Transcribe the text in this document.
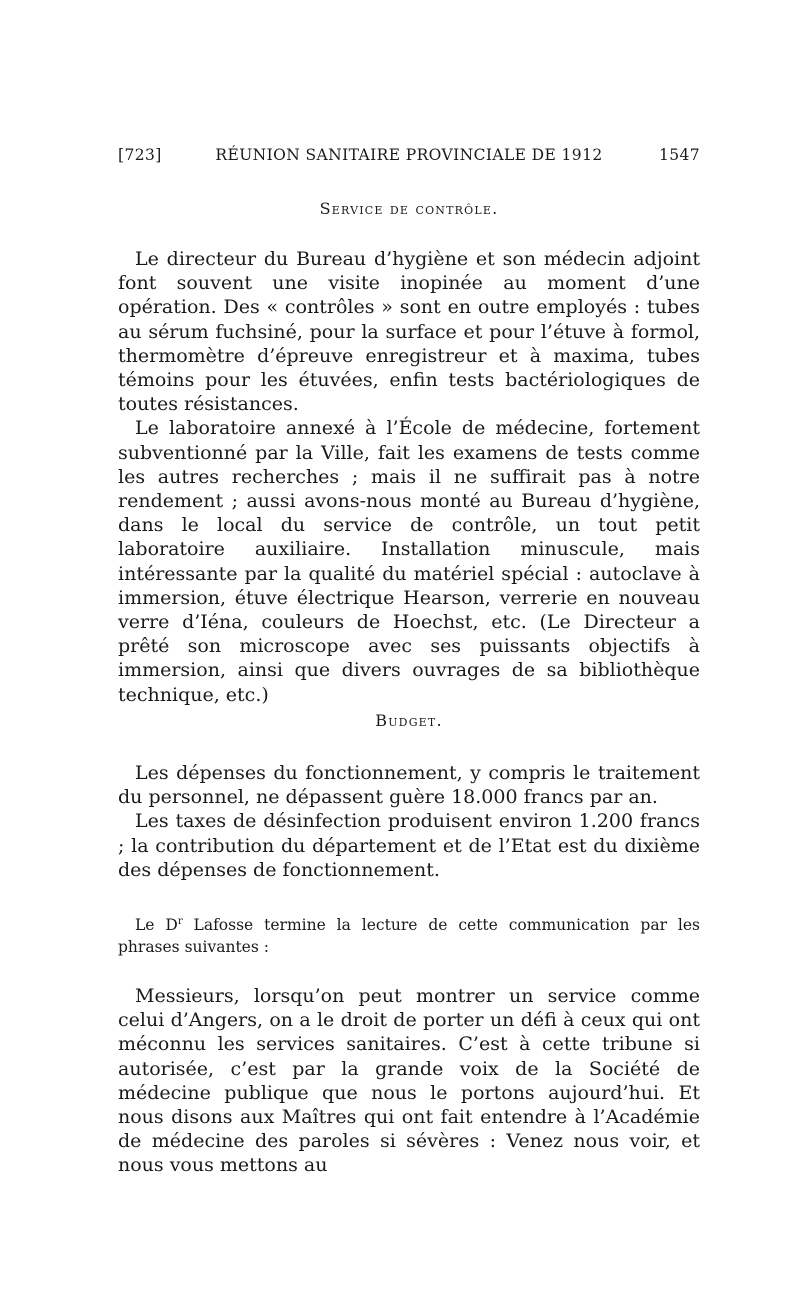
[723]	RÉUNION SANITAIRE PROVINCIALE DE 1912	1547
Service de contrôle.

Le directeur du Bureau d’hygiène et son médecin adjoint font souvent une visite inopinée au moment d’une opération. Des « contrôles » sont en outre employés : tubes au sérum fuchsiné, pour la surface et pour l’étuve à formol, thermomètre d’épreuve enregistreur et à maxima, tubes témoins pour les étuvées, enfin tests bactériologiques de toutes résistances.

Le laboratoire annexé à l’École de médecine, fortement subventionné par la Ville, fait les examens de tests comme les autres recherches ; mais il ne suffirait pas à notre rendement ; aussi avons-nous monté au Bureau d’hygiène, dans le local du service de contrôle, un tout petit laboratoire auxiliaire. Installation minuscule, mais intéressante par la qualité du matériel spécial : autoclave à immersion, étuve électrique Hearson, verrerie en nouveau verre d’Iéna, couleurs de Hoechst, etc. (Le Directeur a prêté son microscope avec ses puissants objectifs à immersion, ainsi que divers ouvrages de sa bibliothèque technique, etc.)

Budget.

Les dépenses du fonctionnement, y compris le traitement du personnel, ne dépassent guère 18.000 francs par an.

Les taxes de désinfection produisent environ 1.200 francs ; la contribution du département et de l’Etat est du dixième des dépenses de fonctionnement.

Le $D^r$ Lafosse termine la lecture de cette communication par les phrases suivantes :

Messieurs, lorsqu’on peut montrer un service comme celui d’Angers, on a le droit de porter un défi à ceux qui ont méconnu les services sanitaires. C’est à cette tribune si autorisée, c’est par la grande voix de la Société de médecine publique que nous le portons aujourd’hui. Et nous disons aux Maîtres qui ont fait entendre à l’Académie de médecine des paroles si sévères : Venez nous voir, et nous vous mettons au
